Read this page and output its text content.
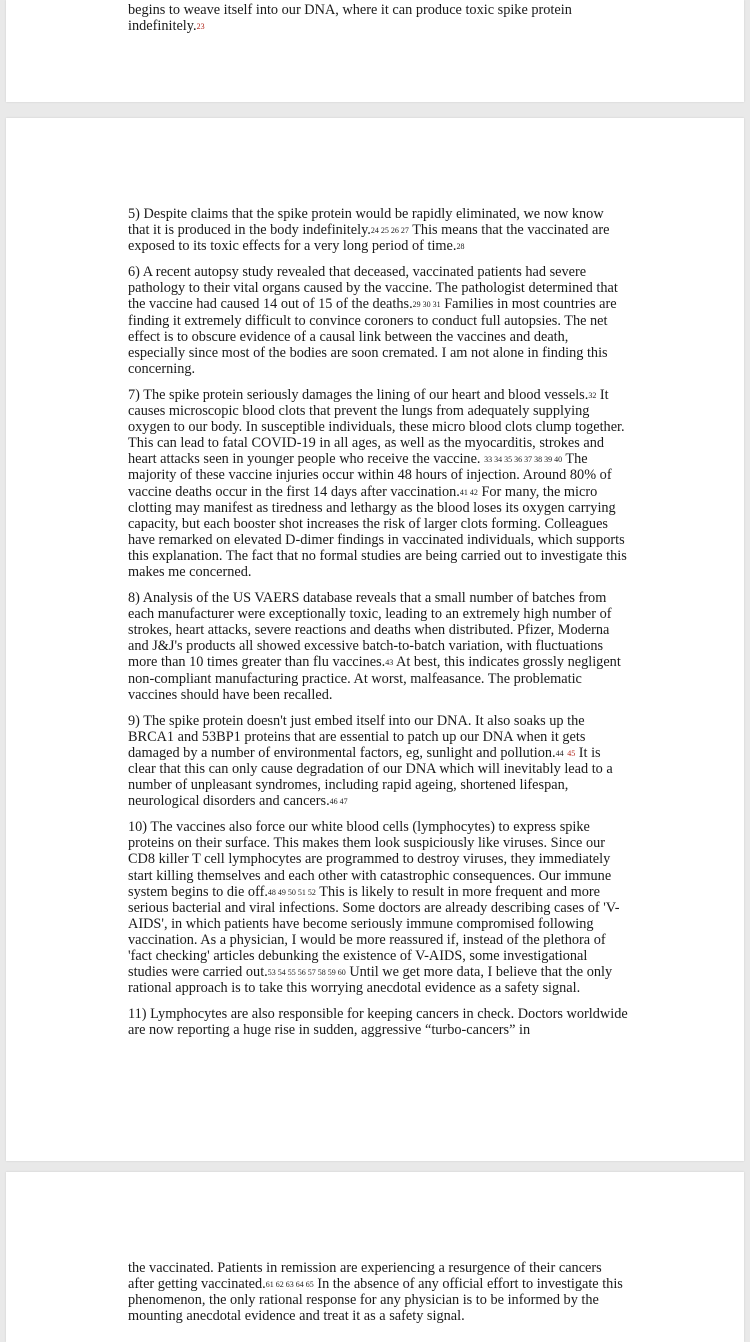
begins to weave itself into our DNA, where it can produce toxic spike protein indefinitely.23

5) Despite claims that the spike protein would be rapidly eliminated, we now know that it is produced in the body indefinitely.24 25 26 27 This means that the vaccinated are exposed to its toxic effects for a very long period of time.28

6) A recent autopsy study revealed that deceased, vaccinated patients had severe pathology to their vital organs caused by the vaccine. The pathologist determined that the vaccine had caused 14 out of 15 of the deaths.29 30 31 Families in most countries are finding it extremely difficult to convince coroners to conduct full autopsies. The net effect is to obscure evidence of a causal link between the vaccines and death, especially since most of the bodies are soon cremated. I am not alone in finding this concerning.

7) The spike protein seriously damages the lining of our heart and blood vessels.32 It causes microscopic blood clots that prevent the lungs from adequately supplying oxygen to our body. In susceptible individuals, these micro blood clots clump together. This can lead to fatal COVID-19 in all ages, as well as the myocarditis, strokes and heart attacks seen in younger people who receive the vaccine. 33 34 35 36 37 38 39 40 The majority of these vaccine injuries occur within 48 hours of injection. Around 80% of vaccine deaths occur in the first 14 days after vaccination.41 42 For many, the micro clotting may manifest as tiredness and lethargy as the blood loses its oxygen carrying capacity, but each booster shot increases the risk of larger clots forming. Colleagues have remarked on elevated D-dimer findings in vaccinated individuals, which supports this explanation. The fact that no formal studies are being carried out to investigate this makes me concerned.

8) Analysis of the US VAERS database reveals that a small number of batches from each manufacturer were exceptionally toxic, leading to an extremely high number of strokes, heart attacks, severe reactions and deaths when distributed. Pfizer, Moderna and J&J's products all showed excessive batch-to-batch variation, with fluctuations more than 10 times greater than flu vaccines.43 At best, this indicates grossly negligent non-compliant manufacturing practice. At worst, malfeasance. The problematic vaccines should have been recalled.

9) The spike protein doesn't just embed itself into our DNA. It also soaks up the BRCA1 and 53BP1 proteins that are essential to patch up our DNA when it gets damaged by a number of environmental factors, eg, sunlight and pollution.44 45 It is clear that this can only cause degradation of our DNA which will inevitably lead to a number of unpleasant syndromes, including rapid ageing, shortened lifespan, neurological disorders and cancers.46 47

10) The vaccines also force our white blood cells (lymphocytes) to express spike proteins on their surface. This makes them look suspiciously like viruses. Since our CD8 killer T cell lymphocytes are programmed to destroy viruses, they immediately start killing themselves and each other with catastrophic consequences. Our immune system begins to die off.48 49 50 51 52 This is likely to result in more frequent and more serious bacterial and viral infections. Some doctors are already describing cases of 'V-AIDS', in which patients have become seriously immune compromised following vaccination. As a physician, I would be more reassured if, instead of the plethora of 'fact checking' articles debunking the existence of V-AIDS, some investigational studies were carried out.53 54 55 56 57 58 59 60 Until we get more data, I believe that the only rational approach is to take this worrying anecdotal evidence as a safety signal.

11) Lymphocytes are also responsible for keeping cancers in check. Doctors worldwide are now reporting a huge rise in sudden, aggressive “turbo-cancers” in

the vaccinated. Patients in remission are experiencing a resurgence of their cancers after getting vaccinated.61 62 63 64 65 In the absence of any official effort to investigate this phenomenon, the only rational response for any physician is to be informed by the mounting anecdotal evidence and treat it as a safety signal.
